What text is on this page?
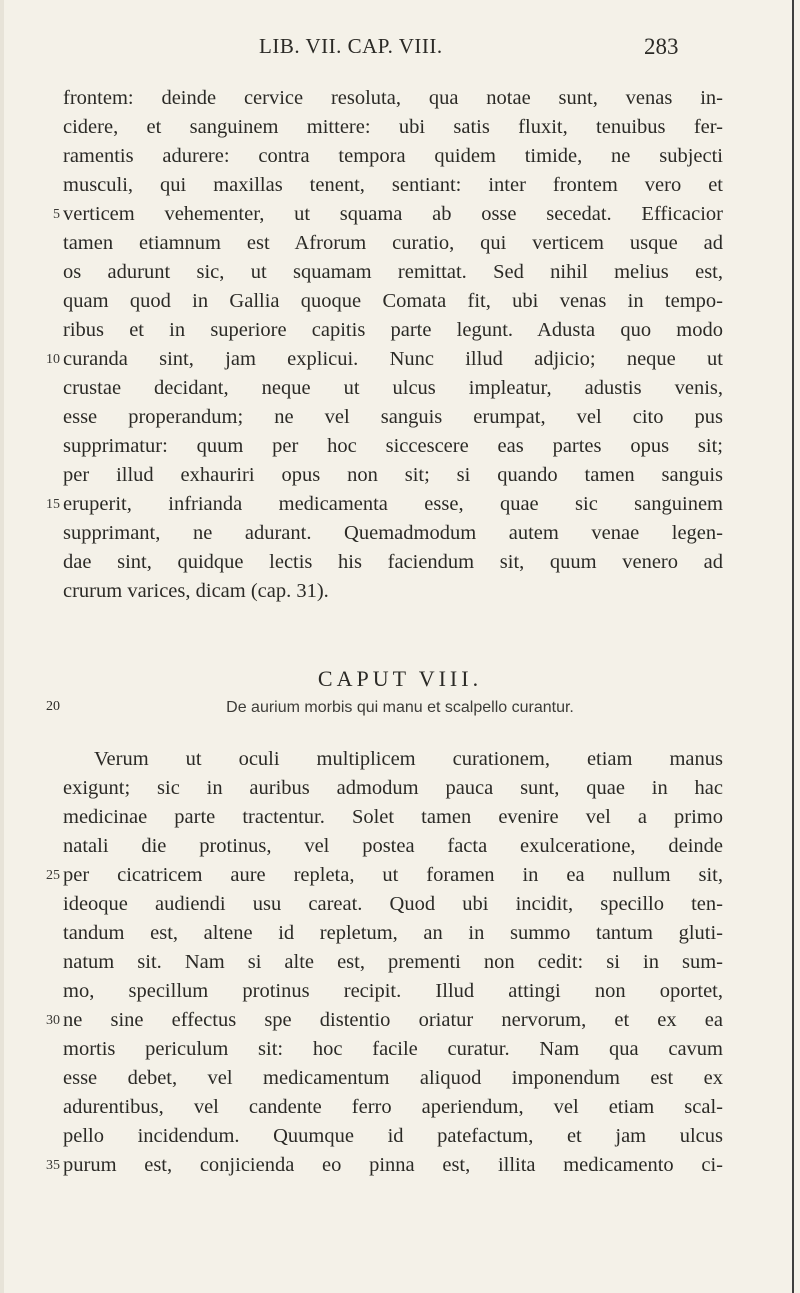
LIB. VII. CAP. VIII.	283
frontem: deinde cervice resoluta, qua notae sunt, venas in-
cidere, et sanguinem mittere: ubi satis fluxit, tenuibus fer-
ramentis adurere: contra tempora quidem timide, ne subjecti
musculi, qui maxillas tenent, sentiant: inter frontem vero et
verticem vehementer, ut squama ab osse secedat. Efficacior
tamen etiamnum est Afrorum curatio, qui verticem usque ad
os adurunt sic, ut squamam remittat. Sed nihil melius est,
quam quod in Gallia quoque Comata fit, ubi venas in tempo-
ribus et in superiore capitis parte legunt. Adusta quo modo
curanda sint, jam explicui. Nunc illud adjicio; neque ut
crustae decidant, neque ut ulcus impleatur, adustis venis,
esse properandum; ne vel sanguis erumpat, vel cito pus
supprimatur: quum per hoc siccescere eas partes opus sit;
per illud exhauriri opus non sit; si quando tamen sanguis
eruperit, infrianda medicamenta esse, quae sic sanguinem
supprimant, ne adurant. Quemadmodum autem venae legen-
dae sint, quidque lectis his faciendum sit, quum venero ad
crurum varices, dicam (cap. 31).
5
10
15
CAPUT VIII.
De aurium morbis qui manu et scalpello curantur.
20
Verum ut oculi multiplicem curationem, etiam manus
exigunt; sic in auribus admodum pauca sunt, quae in hac
medicinae parte tractentur. Solet tamen evenire vel a primo
natali die protinus, vel postea facta exulceratione, deinde
per cicatricem aure repleta, ut foramen in ea nullum sit,
ideoque audiendi usu careat. Quod ubi incidit, specillo ten-
tandum est, altene id repletum, an in summo tantum gluti-
natum sit. Nam si alte est, prementi non cedit: si in sum-
mo, specillum protinus recipit. Illud attingi non oportet,
ne sine effectus spe distentio oriatur nervorum, et ex ea
mortis periculum sit: hoc facile curatur. Nam qua cavum
esse debet, vel medicamentum aliquod imponendum est ex
adurentibus, vel candente ferro aperiendum, vel etiam scal-
pello incidendum. Quumque id patefactum, et jam ulcus
purum est, conjicienda eo pinna est, illita medicamento ci-
25
30
35
